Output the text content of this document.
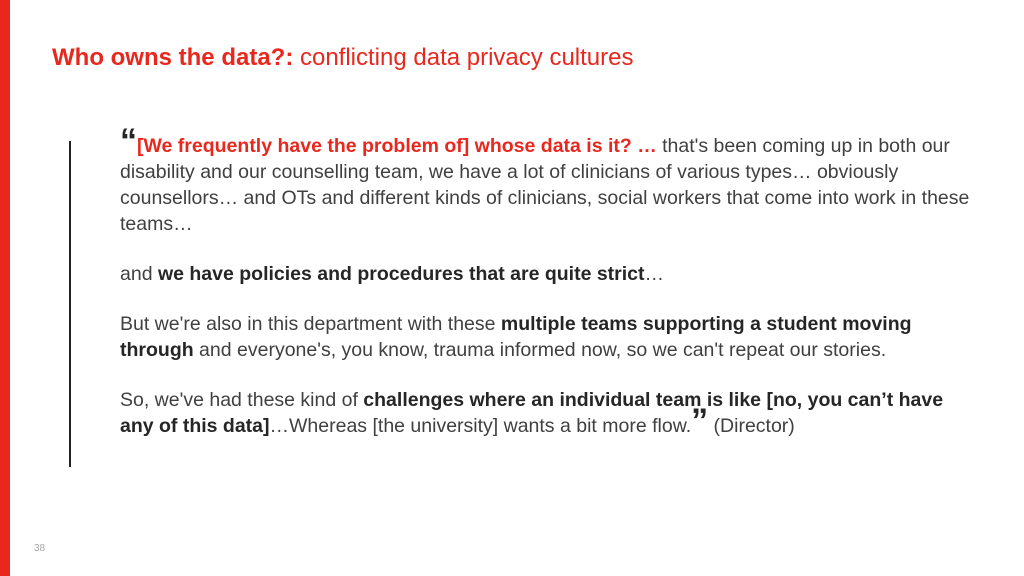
Who owns the data?: conflicting data privacy cultures

“[We frequently have the problem of] whose data is it? … that's been coming up in both our disability and our counselling team, we have a lot of clinicians of various types… obviously counsellors… and OTs and different kinds of clinicians, social workers that come into work in these teams…

and we have policies and procedures that are quite strict…

But we're also in this department with these multiple teams supporting a student moving through and everyone's, you know, trauma informed now, so we can't repeat our stories.

So, we've had these kind of challenges where an individual team is like [no, you can’t have any of this data]…Whereas [the university] wants a bit more flow.” (Director)

38
